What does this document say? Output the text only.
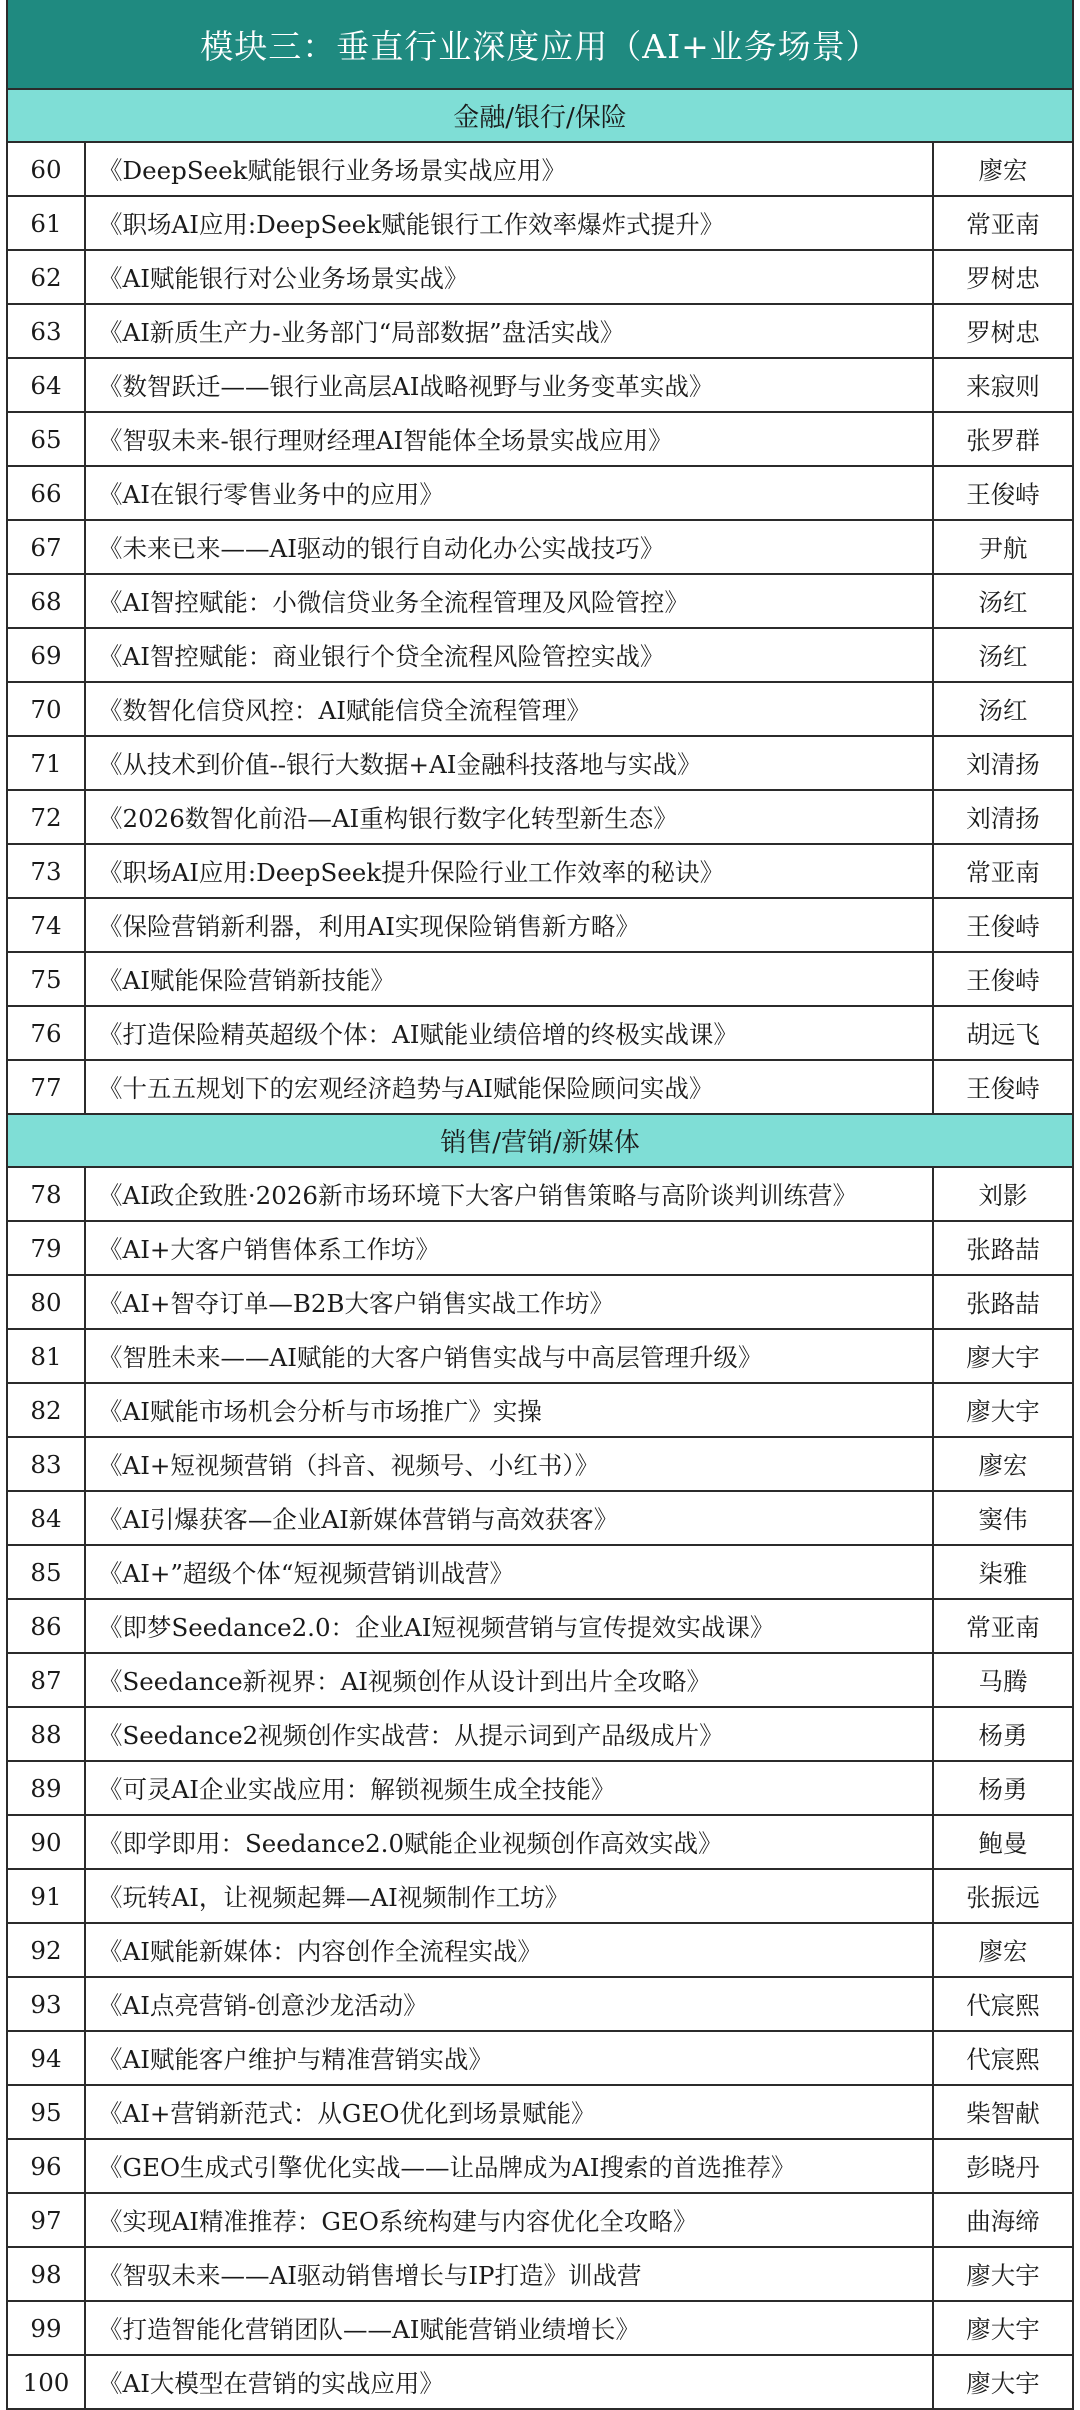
模块三：垂直行业深度应用（AI+业务场景）
金融/银行/保险
60	《DeepSeek赋能银行业务场景实战应用》	廖宏
61	《职场AI应用:DeepSeek赋能银行工作效率爆炸式提升》	常亚南
62	《AI赋能银行对公业务场景实战》	罗树忠
63	《AI新质生产力-业务部门“局部数据”盘活实战》	罗树忠
64	《数智跃迁——银行业高层AI战略视野与业务变革实战》	来寂则
65	《智驭未来-银行理财经理AI智能体全场景实战应用》	张罗群
66	《AI在银行零售业务中的应用》	王俊峙
67	《未来已来——AI驱动的银行自动化办公实战技巧》	尹航
68	《AI智控赋能：小微信贷业务全流程管理及风险管控》	汤红
69	《AI智控赋能：商业银行个贷全流程风险管控实战》	汤红
70	《数智化信贷风控：AI赋能信贷全流程管理》	汤红
71	《从技术到价值--银行大数据+AI金融科技落地与实战》	刘清扬
72	《2026数智化前沿—AI重构银行数字化转型新生态》	刘清扬
73	《职场AI应用:DeepSeek提升保险行业工作效率的秘诀》	常亚南
74	《保险营销新利器，利用AI实现保险销售新方略》	王俊峙
75	《AI赋能保险营销新技能》	王俊峙
76	《打造保险精英超级个体：AI赋能业绩倍增的终极实战课》	胡远飞
77	《十五五规划下的宏观经济趋势与AI赋能保险顾问实战》	王俊峙
销售/营销/新媒体
78	《AI政企致胜·2026新市场环境下大客户销售策略与高阶谈判训练营》	刘影
79	《AI+大客户销售体系工作坊》	张路喆
80	《AI+智夺订单—B2B大客户销售实战工作坊》	张路喆
81	《智胜未来——AI赋能的大客户销售实战与中高层管理升级》	廖大宇
82	《AI赋能市场机会分析与市场推广》实操	廖大宇
83	《AI+短视频营销（抖音、视频号、小红书）》	廖宏
84	《AI引爆获客—企业AI新媒体营销与高效获客》	窦伟
85	《AI+”超级个体“短视频营销训战营》	柒雅
86	《即梦Seedance2.0：企业AI短视频营销与宣传提效实战课》	常亚南
87	《Seedance新视界：AI视频创作从设计到出片全攻略》	马腾
88	《Seedance2视频创作实战营：从提示词到产品级成片》	杨勇
89	《可灵AI企业实战应用：解锁视频生成全技能》	杨勇
90	《即学即用：Seedance2.0赋能企业视频创作高效实战》	鲍曼
91	《玩转AI，让视频起舞—AI视频制作工坊》	张振远
92	《AI赋能新媒体：内容创作全流程实战》	廖宏
93	《AI点亮营销-创意沙龙活动》	代宸熙
94	《AI赋能客户维护与精准营销实战》	代宸熙
95	《AI+营销新范式：从GEO优化到场景赋能》	柴智献
96	《GEO生成式引擎优化实战——让品牌成为AI搜索的首选推荐》	彭晓丹
97	《实现AI精准推荐：GEO系统构建与内容优化全攻略》	曲海缔
98	《智驭未来——AI驱动销售增长与IP打造》训战营	廖大宇
99	《打造智能化营销团队——AI赋能营销业绩增长》	廖大宇
100	《AI大模型在营销的实战应用》	廖大宇
